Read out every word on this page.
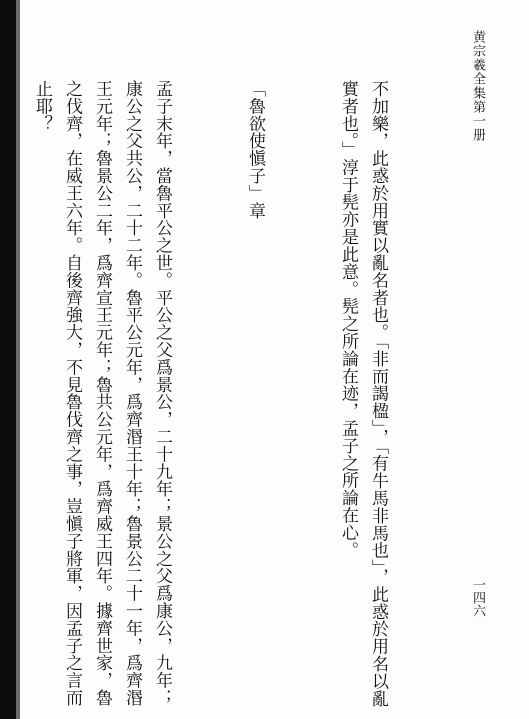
黄宗羲全集第一册
一四六

不加樂，此惑於用實以亂名者也。「非而謁楹」，「有牛馬非馬也」，此惑於用名以亂實者也。」淳于髡亦是此意。髡之所論在迹，孟子之所論在心。

「魯欲使愼子」章

孟子末年，當魯平公之世。平公之父爲景公，二十九年；景公之父爲康公，九年；康公之父共公，二十二年。魯平公元年，爲齊湣王十年；魯景公二十一年，爲齊湣王元年；魯景公二年，爲齊宣王元年；魯共公元年，爲齊威王四年。據齊世家，魯之伐齊，在威王六年。自後齊強大，不見魯伐齊之事，豈愼子將軍，因孟子之言而止耶？
